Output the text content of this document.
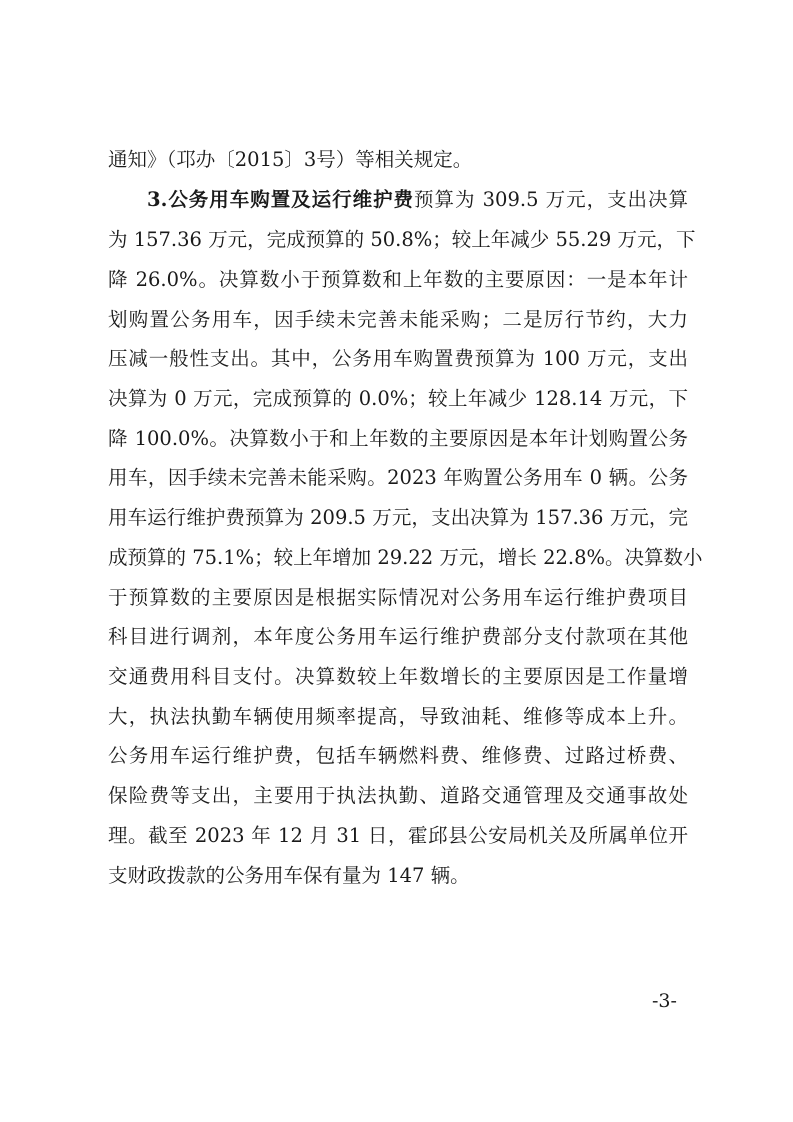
通知》（邛办〔2015〕3号）等相关规定。
3.公务用车购置及运行维护费预算为 309.5 万元，支出决算
为 157.36 万元，完成预算的 50.8%；较上年减少 55.29 万元，下
降 26.0%。决算数小于预算数和上年数的主要原因：一是本年计
划购置公务用车，因手续未完善未能采购；二是厉行节约，大力
压减一般性支出。其中，公务用车购置费预算为 100 万元，支出
决算为 0 万元，完成预算的 0.0%；较上年减少 128.14 万元，下
降 100.0%。决算数小于和上年数的主要原因是本年计划购置公务
用车，因手续未完善未能采购。2023 年购置公务用车 0 辆。公务
用车运行维护费预算为 209.5 万元，支出决算为 157.36 万元，完
成预算的 75.1%；较上年增加 29.22 万元，增长 22.8%。决算数小
于预算数的主要原因是根据实际情况对公务用车运行维护费项目
科目进行调剂，本年度公务用车运行维护费部分支付款项在其他
交通费用科目支付。决算数较上年数增长的主要原因是工作量增
大，执法执勤车辆使用频率提高，导致油耗、维修等成本上升。
公务用车运行维护费，包括车辆燃料费、维修费、过路过桥费、
保险费等支出，主要用于执法执勤、道路交通管理及交通事故处
理。截至 2023 年 12 月 31 日，霍邱县公安局机关及所属单位开
支财政拨款的公务用车保有量为 147 辆。
-3-
